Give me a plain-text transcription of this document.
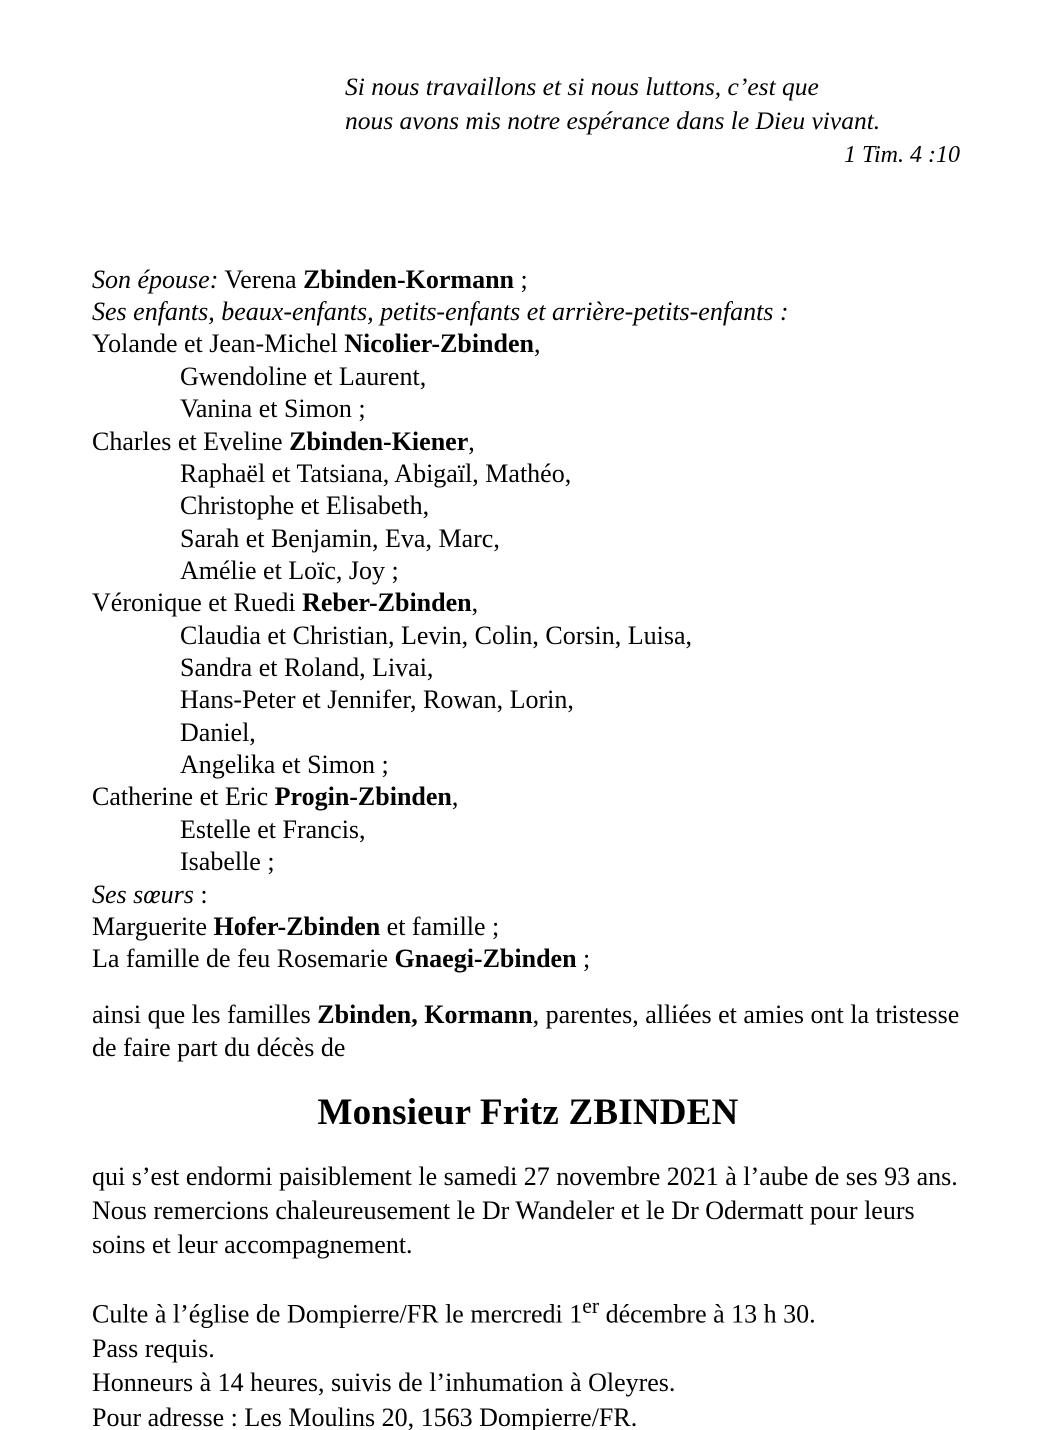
Si nous travaillons et si nous luttons, c’est que
nous avons mis notre espérance dans le Dieu vivant.
1 Tim. 4 :10
Son épouse: Verena Zbinden-Kormann ;
Ses enfants, beaux-enfants, petits-enfants et arrière-petits-enfants :
Yolande et Jean-Michel Nicolier-Zbinden,
Gwendoline et Laurent,
Vanina et Simon ;
Charles et Eveline Zbinden-Kiener,
Raphaël et Tatsiana, Abigaïl, Mathéo,
Christophe et Elisabeth,
Sarah et Benjamin, Eva, Marc,
Amélie et Loïc, Joy ;
Véronique et Ruedi Reber-Zbinden,
Claudia et Christian, Levin, Colin, Corsin, Luisa,
Sandra et Roland, Livai,
Hans-Peter et Jennifer, Rowan, Lorin,
Daniel,
Angelika et Simon ;
Catherine et Eric Progin-Zbinden,
Estelle et Francis,
Isabelle ;
Ses sœurs :
Marguerite Hofer-Zbinden et famille ;
La famille de feu Rosemarie Gnaegi-Zbinden ;

ainsi que les familles Zbinden, Kormann, parentes, alliées et amies ont la tristesse de faire part du décès de

Monsieur Fritz ZBINDEN

qui s’est endormi paisiblement le samedi 27 novembre 2021 à l’aube de ses 93 ans. Nous remercions chaleureusement le Dr Wandeler et le Dr Odermatt pour leurs soins et leur accompagnement.

Culte à l’église de Dompierre/FR le mercredi 1er décembre à 13 h 30.
Pass requis.
Honneurs à 14 heures, suivis de l’inhumation à Oleyres.
Pour adresse : Les Moulins 20, 1563 Dompierre/FR.
